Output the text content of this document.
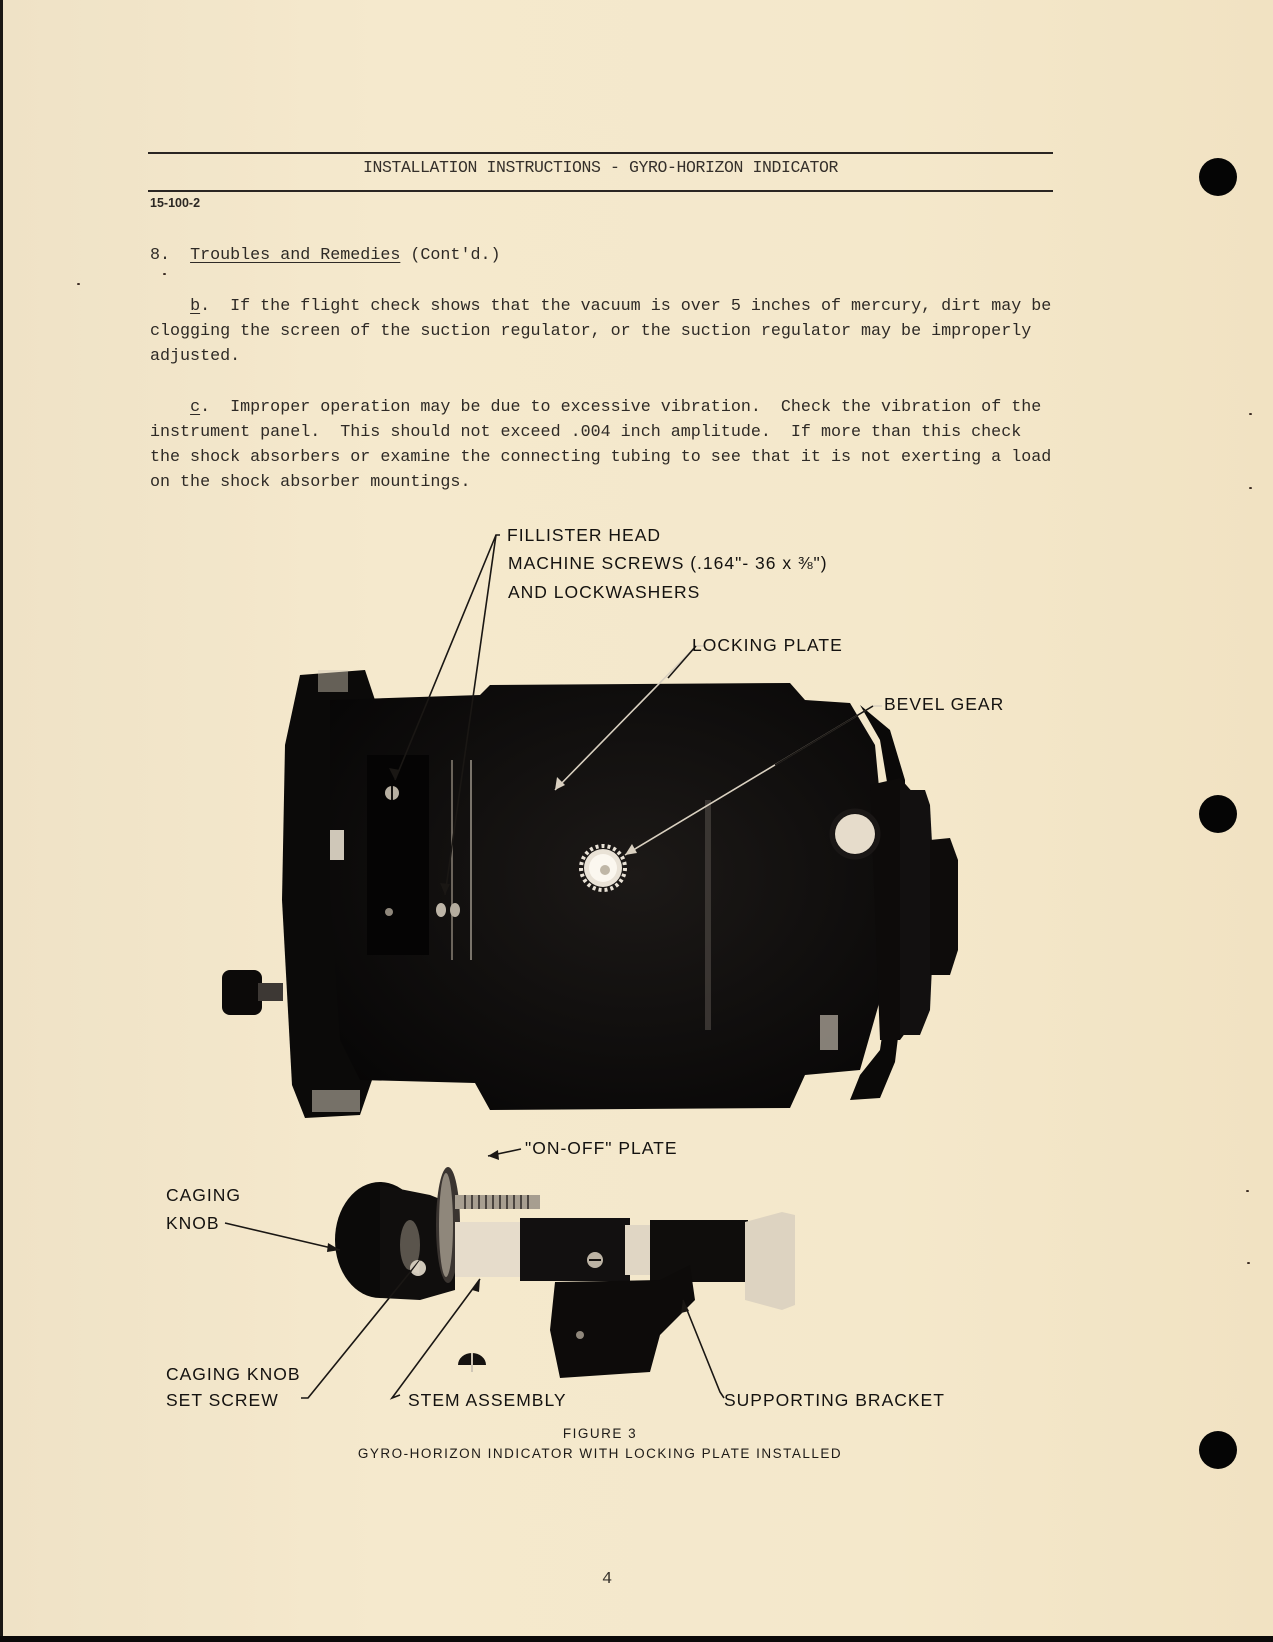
INSTALLATION INSTRUCTIONS - GYRO-HORIZON INDICATOR
15-100-2
8. Troubles and Remedies (Cont'd.)
b.  If the flight check shows that the vacuum is over 5 inches of mercury, dirt may be
clogging the screen of the suction regulator, or the suction regulator may be improperly
adjusted.
c.  Improper operation may be due to excessive vibration.  Check the vibration of the
instrument panel.  This should not exceed .004 inch amplitude.  If more than this check
the shock absorbers or examine the connecting tubing to see that it is not exerting a load
on the shock absorber mountings.
FILLISTER HEAD
MACHINE SCREWS (.164"- 36 x ⅜")
AND LOCKWASHERS
LOCKING PLATE
BEVEL GEAR
"ON-OFF" PLATE
CAGING
KNOB
CAGING KNOB
SET SCREW	STEM ASSEMBLY	SUPPORTING BRACKET
FIGURE 3
GYRO-HORIZON INDICATOR WITH LOCKING PLATE INSTALLED
4
